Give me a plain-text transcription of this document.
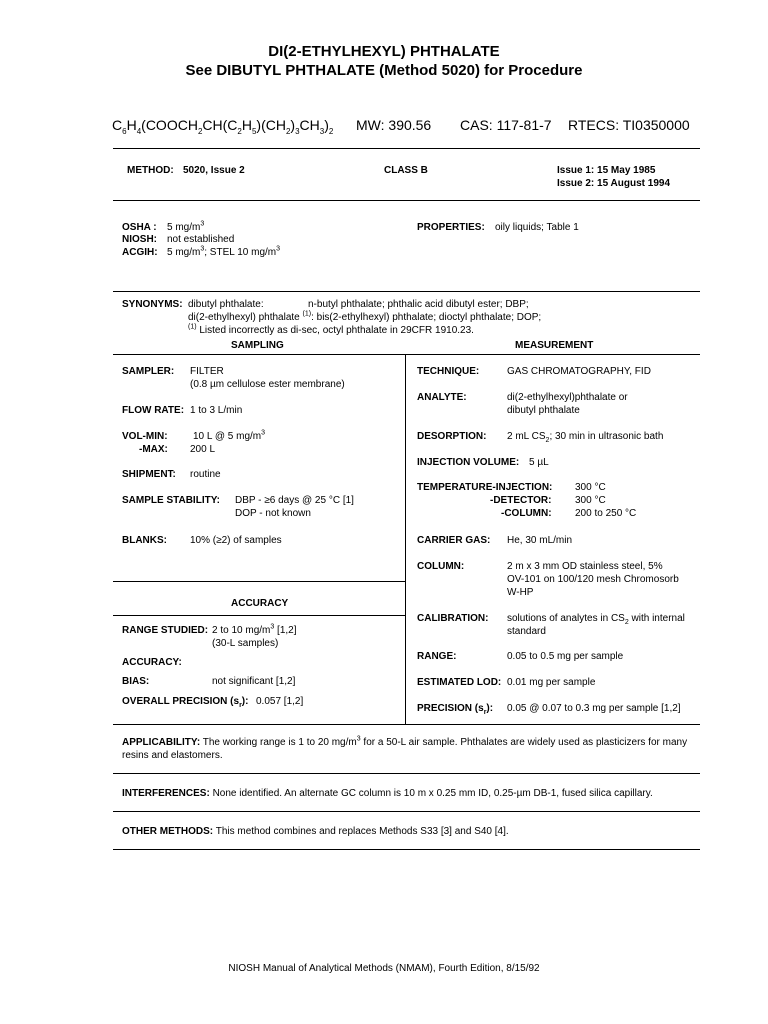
DI(2-ETHYLHEXYL) PHTHALATE
See DIBUTYL PHTHALATE (Method 5020) for Procedure
$C_6H_4(COOCH_2CH(C_2H_5)(CH_2)_3CH_3)_2$ MW: 390.56 CAS: 117-81-7 RTECS: TI0350000
METHOD: 5020, Issue 2	CLASS B	Issue 1: 15 May 1985
Issue 2: 15 August 1994
OSHA : 5 $mg/m^3$
NIOSH: not established
ACGIH: 5 $mg/m^3$; STEL 10 $mg/m^3$
PROPERTIES: oily liquids; Table 1
SYNONYMS: dibutyl phthalate:	n-butyl phthalate; phthalic acid dibutyl ester; DBP;
di(2-ethylhexyl) phthalate $^{(1)}$: bis(2-ethylhexyl) phthalate; dioctyl phthalate; DOP;
$^{(1)}$ Listed incorrectly as di-sec, octyl phthalate in 29CFR 1910.23.
SAMPLING	MEASUREMENT
SAMPLER: FILTER
(0.8 µm cellulose ester membrane)
FLOW RATE: 1 to 3 L/min
VOL-MIN:	10 L @ 5 $mg/m^3$
-MAX: 200 L
SHIPMENT: routine
SAMPLE STABILITY: DBP - ≥6 days @ 25 °C [1]
DOP - not known
BLANKS: 10% (≥2) of samples
ACCURACY
RANGE STUDIED: 2 to 10 $mg/m^3$ [1,2]
(30-L samples)
ACCURACY:
BIAS:	not significant [1,2]
OVERALL PRECISION $(s_r)$: 0.057 [1,2]
TECHNIQUE:	GAS CHROMATOGRAPHY, FID
ANALYTE:	di(2-ethylhexyl)phthalate or
dibutyl phthalate
DESORPTION: 2 mL $CS_2$; 30 min in ultrasonic bath
INJECTION VOLUME: 5 µL
TEMPERATURE-INJECTION: 300 °C
-DETECTOR: 300 °C
-COLUMN: 200 to 250 °C
CARRIER GAS: He, 30 mL/min
COLUMN:	2 m x 3 mm OD stainless steel, 5%
OV-101 on 100/120 mesh Chromosorb
W-HP
CALIBRATION: solutions of analytes in $CS_2$ with internal
standard
RANGE:	0.05 to 0.5 mg per sample
ESTIMATED LOD: 0.01 mg per sample
PRECISION $(s_r)$: 0.05 @ 0.07 to 0.3 mg per sample [1,2]
APPLICABILITY: The working range is 1 to 20 $mg/m^3$ for a 50-L air sample. Phthalates are widely used as plasticizers for many
resins and elastomers.
INTERFERENCES: None identified. An alternate GC column is 10 m x 0.25 mm ID, 0.25-µm DB-1, fused silica capillary.
OTHER METHODS: This method combines and replaces Methods S33 [3] and S40 [4].
NIOSH Manual of Analytical Methods (NMAM), Fourth Edition, 8/15/92
